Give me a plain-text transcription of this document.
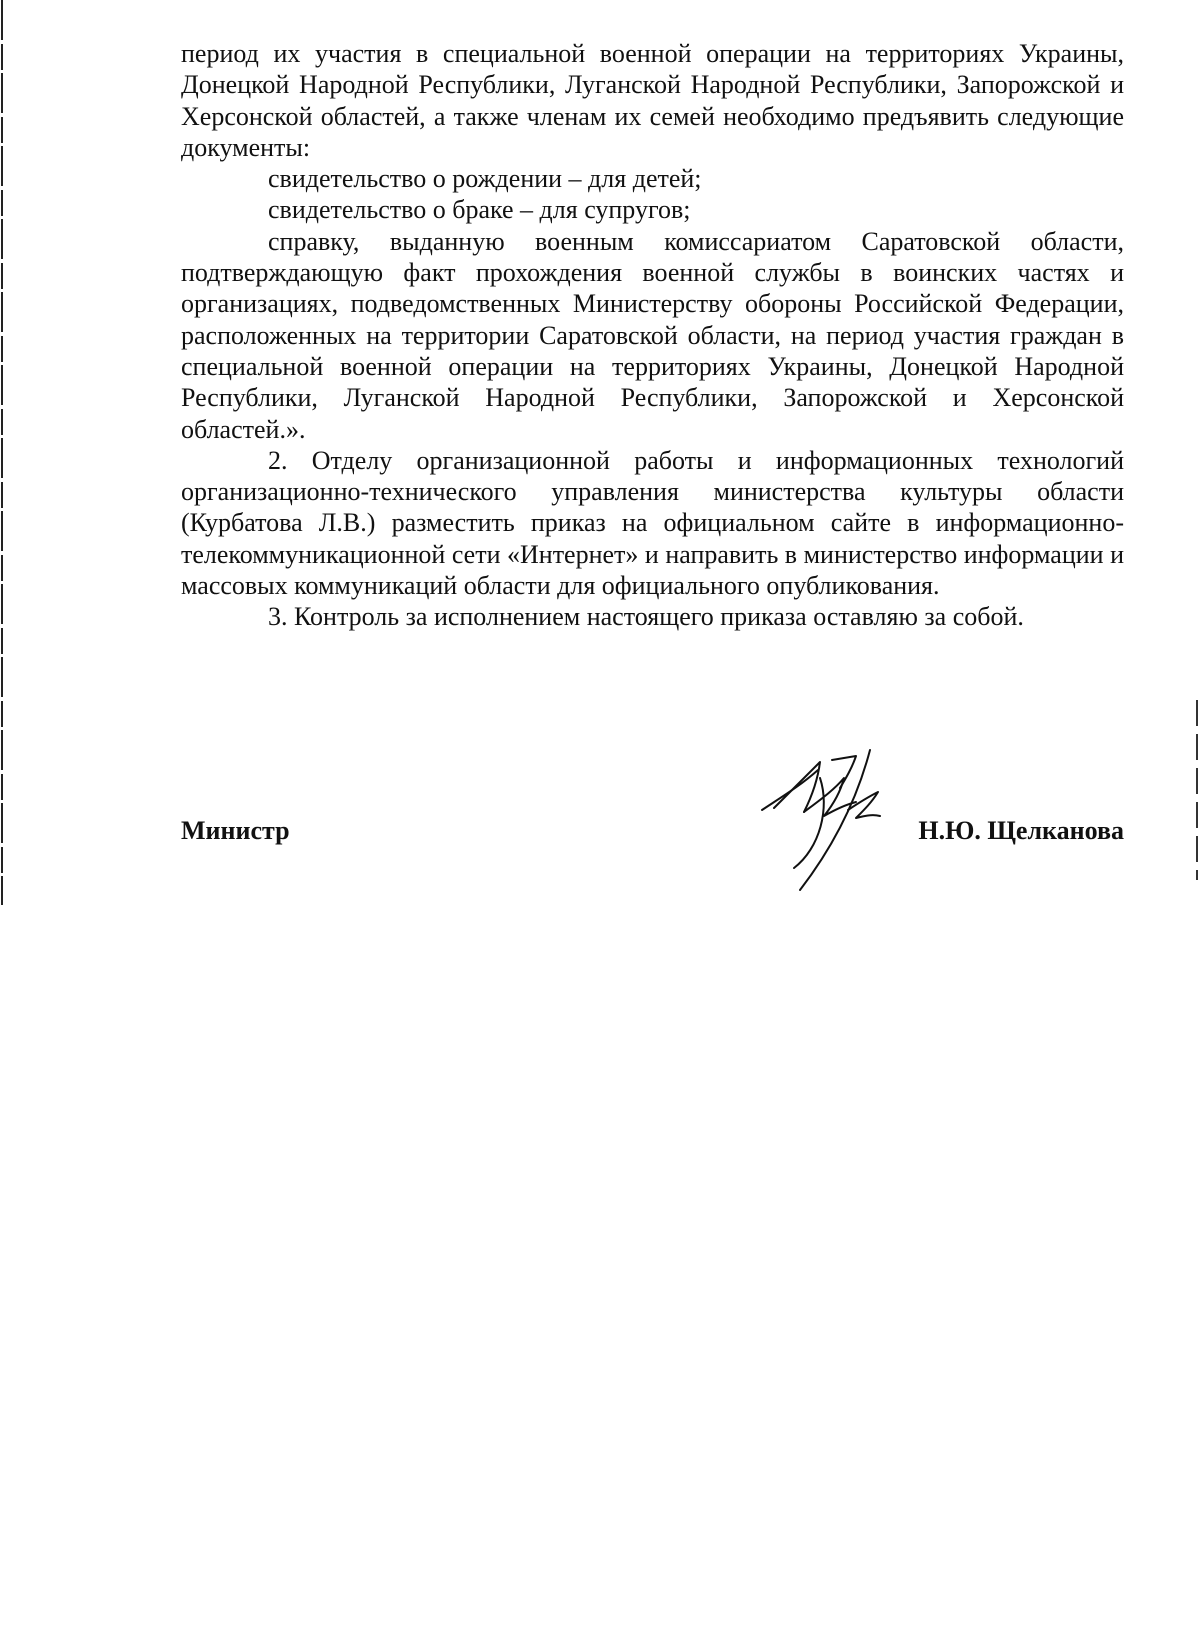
период их участия в специальной военной операции на территориях Украины, Донецкой Народной Республики, Луганской Народной Республики, Запорожской и Херсонской областей, а также членам их семей необходимо предъявить следующие документы:

свидетельство о рождении – для детей;

свидетельство о браке – для супругов;

справку, выданную военным комиссариатом Саратовской области, подтверждающую факт прохождения военной службы в воинских частях и организациях, подведомственных Министерству обороны Российской Федерации, расположенных на территории Саратовской области, на период участия граждан в специальной военной операции на территориях Украины, Донецкой Народной Республики, Луганской Народной Республики, Запорожской и Херсонской областей.».

2. Отделу организационной работы и информационных технологий организационно-технического управления министерства культуры области (Курбатова Л.В.) разместить приказ на официальном сайте в информационно-телекоммуникационной сети «Интернет» и направить в министерство информации и массовых коммуникаций области для официального опубликования.

3. Контроль за исполнением настоящего приказа оставляю за собой.

Министр	Н.Ю. Щелканова
